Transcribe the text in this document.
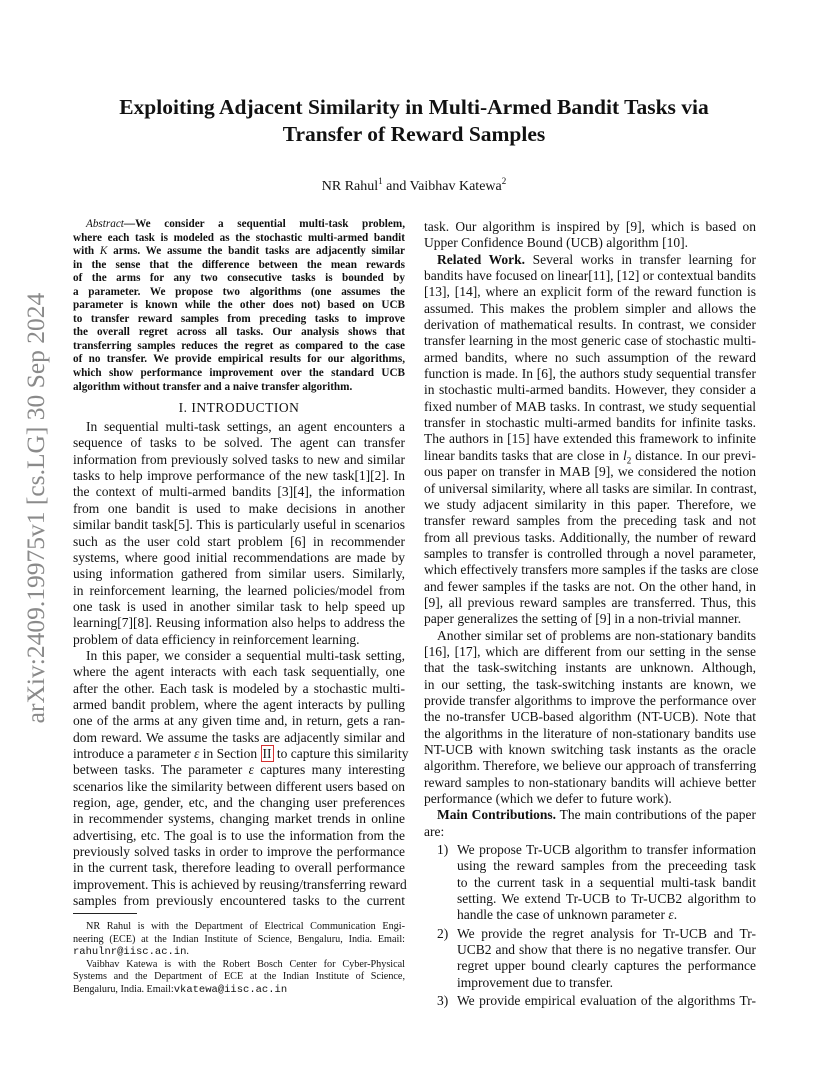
arXiv:2409.19975v1 [cs.LG] 30 Sep 2024
Exploiting Adjacent Similarity in Multi-Armed Bandit Tasks via
Transfer of Reward Samples
NR Rahul$^1$ and Vaibhav Katewa$^2$
Abstract—We consider a sequential multi-task problem,
where each task is modeled as the stochastic multi-armed bandit
with K arms. We assume the bandit tasks are adjacently similar
in the sense that the difference between the mean rewards
of the arms for any two consecutive tasks is bounded by
a parameter. We propose two algorithms (one assumes the
parameter is known while the other does not) based on UCB
to transfer reward samples from preceding tasks to improve
the overall regret across all tasks. Our analysis shows that
transferring samples reduces the regret as compared to the case
of no transfer. We provide empirical results for our algorithms,
which show performance improvement over the standard UCB
algorithm without transfer and a naive transfer algorithm.
I. INTRODUCTION
In sequential multi-task settings, an agent encounters a
sequence of tasks to be solved. The agent can transfer
information from previously solved tasks to new and similar
tasks to help improve performance of the new task[1][2]. In
the context of multi-armed bandits [3][4], the information
from one bandit is used to make decisions in another
similar bandit task[5]. This is particularly useful in scenarios
such as the user cold start problem [6] in recommender
systems, where good initial recommendations are made by
using information gathered from similar users. Similarly,
in reinforcement learning, the learned policies/model from
one task is used in another similar task to help speed up
learning[7][8]. Reusing information also helps to address the
problem of data efficiency in reinforcement learning.
In this paper, we consider a sequential multi-task setting,
where the agent interacts with each task sequentially, one
after the other. Each task is modeled by a stochastic multi-
armed bandit problem, where the agent interacts by pulling
one of the arms at any given time and, in return, gets a ran-
dom reward. We assume the tasks are adjacently similar and
introduce a parameter ε in Section II to capture this similarity
between tasks. The parameter ε captures many interesting
scenarios like the similarity between different users based on
region, age, gender, etc, and the changing user preferences
in recommender systems, changing market trends in online
advertising, etc. The goal is to use the information from the
previously solved tasks in order to improve the performance
in the current task, therefore leading to overall performance
improvement. This is achieved by reusing/transferring reward
samples from previously encountered tasks to the current
NR Rahul is with the Department of Electrical Communication Engi-
neering (ECE) at the Indian Institute of Science, Bengaluru, India. Email:
rahulnr@iisc.ac.in.
Vaibhav Katewa is with the Robert Bosch Center for Cyber-Physical
Systems and the Department of ECE at the Indian Institute of Science,
Bengaluru, India. Email:vkatewa@iisc.ac.in
task. Our algorithm is inspired by [9], which is based on
Upper Confidence Bound (UCB) algorithm [10].
Related Work. Several works in transfer learning for
bandits have focused on linear[11], [12] or contextual bandits
[13], [14], where an explicit form of the reward function is
assumed. This makes the problem simpler and allows the
derivation of mathematical results. In contrast, we consider
transfer learning in the most generic case of stochastic multi-
armed bandits, where no such assumption of the reward
function is made. In [6], the authors study sequential transfer
in stochastic multi-armed bandits. However, they consider a
fixed number of MAB tasks. In contrast, we study sequential
transfer in stochastic multi-armed bandits for infinite tasks.
The authors in [15] have extended this framework to infinite
linear bandits tasks that are close in $l_2$ distance. In our previ-
ous paper on transfer in MAB [9], we considered the notion
of universal similarity, where all tasks are similar. In contrast,
we study adjacent similarity in this paper. Therefore, we
transfer reward samples from the preceding task and not
from all previous tasks. Additionally, the number of reward
samples to transfer is controlled through a novel parameter,
which effectively transfers more samples if the tasks are close
and fewer samples if the tasks are not. On the other hand, in
[9], all previous reward samples are transferred. Thus, this
paper generalizes the setting of [9] in a non-trivial manner.
Another similar set of problems are non-stationary bandits
[16], [17], which are different from our setting in the sense
that the task-switching instants are unknown. Although,
in our setting, the task-switching instants are known, we
provide transfer algorithms to improve the performance over
the no-transfer UCB-based algorithm (NT-UCB). Note that
the algorithms in the literature of non-stationary bandits use
NT-UCB with known switching task instants as the oracle
algorithm. Therefore, we believe our approach of transferring
reward samples to non-stationary bandits will achieve better
performance (which we defer to future work).
Main Contributions. The main contributions of the paper
are:
1) We propose Tr-UCB algorithm to transfer information
using the reward samples from the preceeding task
to the current task in a sequential multi-task bandit
setting. We extend Tr-UCB to Tr-UCB2 algorithm to
handle the case of unknown parameter ε.
2) We provide the regret analysis for Tr-UCB and Tr-
UCB2 and show that there is no negative transfer. Our
regret upper bound clearly captures the performance
improvement due to transfer.
3) We provide empirical evaluation of the algorithms Tr-
